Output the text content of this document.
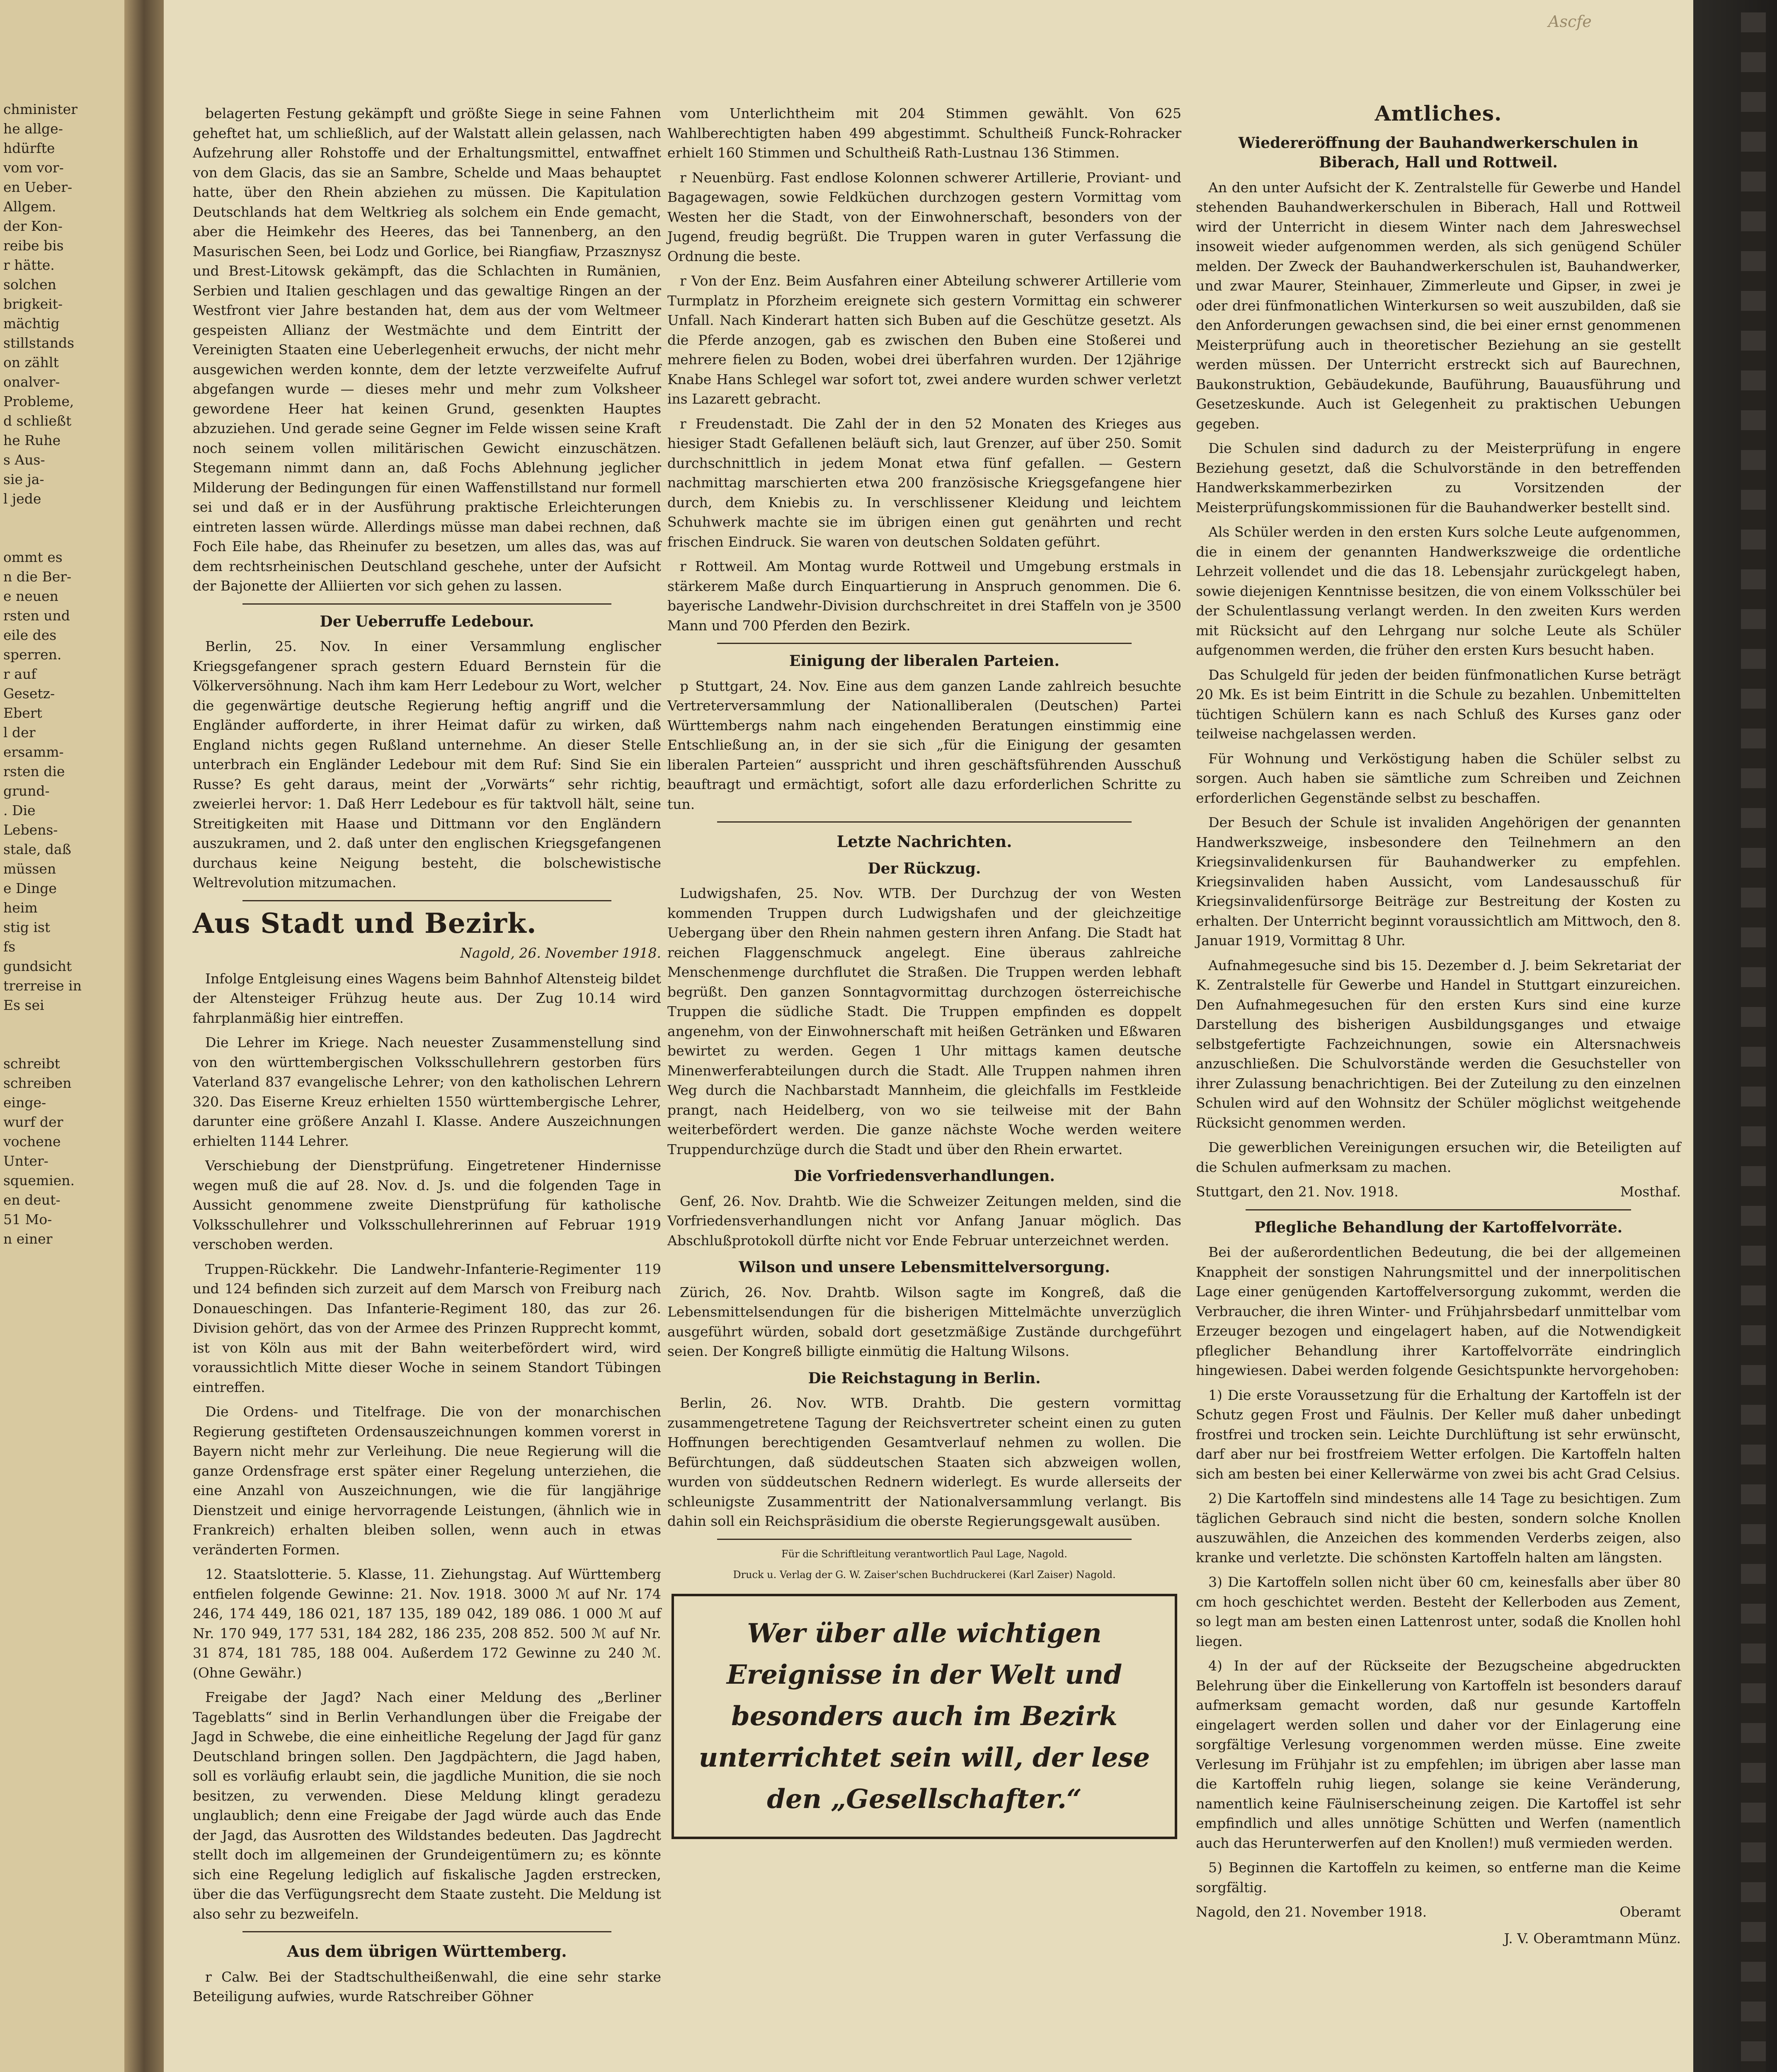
chminister
he allge-
hdürfte
vom vor-
en Ueber-
Allgem.
der Kon-
reibe bis
r hätte.
solchen
brigkeit-
mächtig
stillstands
on zählt
onalver-
Probleme,
d schließt
he Ruhe
s Aus-
sie ja-
l jede

ommt es
n die Ber-
e neuen
rsten und
eile des
sperren.
r auf
Gesetz-
Ebert
l der
ersamm-
rsten die
grund-
. Die
Lebens-
stale, daß
müssen
e Dinge
heim
stig ist
fs
gundsicht
trerreise in
Es sei

schreibt
schreiben
einge-
wurf der
vochene
Unter-
squemien.
en deut-
51 Mo-
n einer
Ascfe

belagerten Festung gekämpft und größte Siege in seine Fahnen geheftet hat, um schließlich, auf der Walstatt allein gelassen, nach Aufzehrung aller Rohstoffe und der Erhaltungsmittel, entwaffnet von dem Glacis, das sie an Sambre, Schelde und Maas behauptet hatte, über den Rhein abziehen zu müssen. Die Kapitulation Deutschlands hat dem Weltkrieg als solchem ein Ende gemacht, aber die Heimkehr des Heeres, das bei Tannenberg, an den Masurischen Seen, bei Lodz und Gorlice, bei Riangfiaw, Przasznysz und Brest-Litowsk gekämpft, das die Schlachten in Rumänien, Serbien und Italien geschlagen und das gewaltige Ringen an der Westfront vier Jahre bestanden hat, dem aus der vom Weltmeer gespeisten Allianz der Westmächte und dem Eintritt der Vereinigten Staaten eine Ueberlegenheit erwuchs, der nicht mehr ausgewichen werden konnte, dem der letzte verzweifelte Aufruf abgefangen wurde — dieses mehr und mehr zum Volksheer gewordene Heer hat keinen Grund, gesenkten Hauptes abzuziehen. Und gerade seine Gegner im Felde wissen seine Kraft noch seinem vollen militärischen Gewicht einzuschätzen. Stegemann nimmt dann an, daß Fochs Ablehnung jeglicher Milderung der Bedingungen für einen Waffenstillstand nur formell sei und daß er in der Ausführung praktische Erleichterungen eintreten lassen würde. Allerdings müsse man dabei rechnen, daß Foch Eile habe, das Rheinufer zu besetzen, um alles das, was auf dem rechtsrheinischen Deutschland geschehe, unter der Aufsicht der Bajonette der Alliierten vor sich gehen zu lassen.

Der Ueberruffe Ledebour.

Berlin, 25. Nov. In einer Versammlung englischer Kriegsgefangener sprach gestern Eduard Bernstein für die Völkerversöhnung. Nach ihm kam Herr Ledebour zu Wort, welcher die gegenwärtige deutsche Regierung heftig angriff und die Engländer aufforderte, in ihrer Heimat dafür zu wirken, daß England nichts gegen Rußland unternehme. An dieser Stelle unterbrach ein Engländer Ledebour mit dem Ruf: Sind Sie ein Russe? Es geht daraus, meint der „Vorwärts“ sehr richtig, zweierlei hervor: 1. Daß Herr Ledebour es für taktvoll hält, seine Streitigkeiten mit Haase und Dittmann vor den Engländern auszukramen, und 2. daß unter den englischen Kriegsgefangenen durchaus keine Neigung besteht, die bolschewistische Weltrevolution mitzumachen.

Aus Stadt und Bezirk.
Nagold, 26. November 1918.

Infolge Entgleisung eines Wagens beim Bahnhof Altensteig bildet der Altensteiger Frühzug heute aus. Der Zug 10.14 wird fahrplanmäßig hier eintreffen.

Die Lehrer im Kriege. Nach neuester Zusammenstellung sind von den württembergischen Volksschullehrern gestorben fürs Vaterland 837 evangelische Lehrer; von den katholischen Lehrern 320. Das Eiserne Kreuz erhielten 1550 württembergische Lehrer, darunter eine größere Anzahl I. Klasse. Andere Auszeichnungen erhielten 1144 Lehrer.

Verschiebung der Dienstprüfung. Eingetretener Hindernisse wegen muß die auf 28. Nov. d. Js. und die folgenden Tage in Aussicht genommene zweite Dienstprüfung für katholische Volksschullehrer und Volksschullehrerinnen auf Februar 1919 verschoben werden.

Truppen-Rückkehr. Die Landwehr-Infanterie-Regimenter 119 und 124 befinden sich zurzeit auf dem Marsch von Freiburg nach Donaueschingen. Das Infanterie-Regiment 180, das zur 26. Division gehört, das von der Armee des Prinzen Rupprecht kommt, ist von Köln aus mit der Bahn weiterbefördert wird, wird voraussichtlich Mitte dieser Woche in seinem Standort Tübingen eintreffen.

Die Ordens- und Titelfrage. Die von der monarchischen Regierung gestifteten Ordensauszeichnungen kommen vorerst in Bayern nicht mehr zur Verleihung. Die neue Regierung will die ganze Ordensfrage erst später einer Regelung unterziehen, die eine Anzahl von Auszeichnungen, wie die für langjährige Dienstzeit und einige hervorragende Leistungen, (ähnlich wie in Frankreich) erhalten bleiben sollen, wenn auch in etwas veränderten Formen.

12. Staatslotterie. 5. Klasse, 11. Ziehungstag. Auf Württemberg entfielen folgende Gewinne: 21. Nov. 1918. 3000 ℳ auf Nr. 174 246, 174 449, 186 021, 187 135, 189 042, 189 086. 1 000 ℳ auf Nr. 170 949, 177 531, 184 282, 186 235, 208 852. 500 ℳ auf Nr. 31 874, 181 785, 188 004. Außerdem 172 Gewinne zu 240 ℳ. (Ohne Gewähr.)

Freigabe der Jagd? Nach einer Meldung des „Berliner Tageblatts“ sind in Berlin Verhandlungen über die Freigabe der Jagd in Schwebe, die eine einheitliche Regelung der Jagd für ganz Deutschland bringen sollen. Den Jagdpächtern, die Jagd haben, soll es vorläufig erlaubt sein, die jagdliche Munition, die sie noch besitzen, zu verwenden. Diese Meldung klingt geradezu unglaublich; denn eine Freigabe der Jagd würde auch das Ende der Jagd, das Ausrotten des Wildstandes bedeuten. Das Jagdrecht stellt doch im allgemeinen der Grundeigentümern zu; es könnte sich eine Regelung lediglich auf fiskalische Jagden erstrecken, über die das Verfügungsrecht dem Staate zusteht. Die Meldung ist also sehr zu bezweifeln.

Aus dem übrigen Württemberg.

r Calw. Bei der Stadtschultheißenwahl, die eine sehr starke Beteiligung aufwies, wurde Ratschreiber Göhner

vom Unterlichtheim mit 204 Stimmen gewählt. Von 625 Wahlberechtigten haben 499 abgestimmt. Schultheiß Funck-Rohracker erhielt 160 Stimmen und Schultheiß Rath-Lustnau 136 Stimmen.

r Neuenbürg. Fast endlose Kolonnen schwerer Artillerie, Proviant- und Bagagewagen, sowie Feldküchen durchzogen gestern Vormittag vom Westen her die Stadt, von der Einwohnerschaft, besonders von der Jugend, freudig begrüßt. Die Truppen waren in guter Verfassung die Ordnung die beste.

r Von der Enz. Beim Ausfahren einer Abteilung schwerer Artillerie vom Turmplatz in Pforzheim ereignete sich gestern Vormittag ein schwerer Unfall. Nach Kinderart hatten sich Buben auf die Geschütze gesetzt. Als die Pferde anzogen, gab es zwischen den Buben eine Stoßerei und mehrere fielen zu Boden, wobei drei überfahren wurden. Der 12jährige Knabe Hans Schlegel war sofort tot, zwei andere wurden schwer verletzt ins Lazarett gebracht.

r Freudenstadt. Die Zahl der in den 52 Monaten des Krieges aus hiesiger Stadt Gefallenen beläuft sich, laut Grenzer, auf über 250. Somit durchschnittlich in jedem Monat etwa fünf gefallen. — Gestern nachmittag marschierten etwa 200 französische Kriegsgefangene hier durch, dem Kniebis zu. In verschlissener Kleidung und leichtem Schuhwerk machte sie im übrigen einen gut genährten und recht frischen Eindruck. Sie waren von deutschen Soldaten geführt.

r Rottweil. Am Montag wurde Rottweil und Umgebung erstmals in stärkerem Maße durch Einquartierung in Anspruch genommen. Die 6. bayerische Landwehr-Division durchschreitet in drei Staffeln von je 3500 Mann und 700 Pferden den Bezirk.

Einigung der liberalen Parteien.

p Stuttgart, 24. Nov. Eine aus dem ganzen Lande zahlreich besuchte Vertreterversammlung der Nationalliberalen (Deutschen) Partei Württembergs nahm nach eingehenden Beratungen einstimmig eine Entschließung an, in der sie sich „für die Einigung der gesamten liberalen Parteien“ ausspricht und ihren geschäftsführenden Ausschuß beauftragt und ermächtigt, sofort alle dazu erforderlichen Schritte zu tun.

Letzte Nachrichten.
Der Rückzug.

Ludwigshafen, 25. Nov. WTB. Der Durchzug der von Westen kommenden Truppen durch Ludwigshafen und der gleichzeitige Uebergang über den Rhein nahmen gestern ihren Anfang. Die Stadt hat reichen Flaggenschmuck angelegt. Eine überaus zahlreiche Menschenmenge durchflutet die Straßen. Die Truppen werden lebhaft begrüßt. Den ganzen Sonntagvormittag durchzogen österreichische Truppen die südliche Stadt. Die Truppen empfinden es doppelt angenehm, von der Einwohnerschaft mit heißen Getränken und Eßwaren bewirtet zu werden. Gegen 1 Uhr mittags kamen deutsche Minenwerferabteilungen durch die Stadt. Alle Truppen nahmen ihren Weg durch die Nachbarstadt Mannheim, die gleichfalls im Festkleide prangt, nach Heidelberg, von wo sie teilweise mit der Bahn weiterbefördert werden. Die ganze nächste Woche werden weitere Truppendurchzüge durch die Stadt und über den Rhein erwartet.

Die Vorfriedensverhandlungen.

Genf, 26. Nov. Drahtb. Wie die Schweizer Zeitungen melden, sind die Vorfriedensverhandlungen nicht vor Anfang Januar möglich. Das Abschlußprotokoll dürfte nicht vor Ende Februar unterzeichnet werden.

Wilson und unsere Lebensmittelversorgung.

Zürich, 26. Nov. Drahtb. Wilson sagte im Kongreß, daß die Lebensmittelsendungen für die bisherigen Mittelmächte unverzüglich ausgeführt würden, sobald dort gesetzmäßige Zustände durchgeführt seien. Der Kongreß billigte einmütig die Haltung Wilsons.

Die Reichstagung in Berlin.

Berlin, 26. Nov. WTB. Drahtb. Die gestern vormittag zusammengetretene Tagung der Reichsvertreter scheint einen zu guten Hoffnungen berechtigenden Gesamtverlauf nehmen zu wollen. Die Befürchtungen, daß süddeutschen Staaten sich abzweigen wollen, wurden von süddeutschen Rednern widerlegt. Es wurde allerseits der schleunigste Zusammentritt der Nationalversammlung verlangt. Bis dahin soll ein Reichspräsidium die oberste Regierungsgewalt ausüben.

Für die Schriftleitung verantwortlich Paul Lage, Nagold.
Druck u. Verlag der G. W. Zaiser'schen Buchdruckerei (Karl Zaiser) Nagold.
Wer über alle wichtigen Ereignisse in der Welt und besonders auch im Bezirk unterrichtet sein will, der lese den „Gesellschafter.“
Amtliches.
Wiedereröffnung der Bauhandwerkerschulen in Biberach, Hall und Rottweil.

An den unter Aufsicht der K. Zentralstelle für Gewerbe und Handel stehenden Bauhandwerkerschulen in Biberach, Hall und Rottweil wird der Unterricht in diesem Winter nach dem Jahreswechsel insoweit wieder aufgenommen werden, als sich genügend Schüler melden. Der Zweck der Bauhandwerkerschulen ist, Bauhandwerker, und zwar Maurer, Steinhauer, Zimmerleute und Gipser, in zwei je oder drei fünfmonatlichen Winterkursen so weit auszubilden, daß sie den Anforderungen gewachsen sind, die bei einer ernst genommenen Meisterprüfung auch in theoretischer Beziehung an sie gestellt werden müssen. Der Unterricht erstreckt sich auf Baurechnen, Baukonstruktion, Gebäudekunde, Bauführung, Bauausführung und Gesetzeskunde. Auch ist Gelegenheit zu praktischen Uebungen gegeben.

Die Schulen sind dadurch zu der Meisterprüfung in engere Beziehung gesetzt, daß die Schulvorstände in den betreffenden Handwerkskammerbezirken zu Vorsitzenden der Meisterprüfungskommissionen für die Bauhandwerker bestellt sind.

Als Schüler werden in den ersten Kurs solche Leute aufgenommen, die in einem der genannten Handwerkszweige die ordentliche Lehrzeit vollendet und die das 18. Lebensjahr zurückgelegt haben, sowie diejenigen Kenntnisse besitzen, die von einem Volksschüler bei der Schulentlassung verlangt werden. In den zweiten Kurs werden mit Rücksicht auf den Lehrgang nur solche Leute als Schüler aufgenommen werden, die früher den ersten Kurs besucht haben.

Das Schulgeld für jeden der beiden fünfmonatlichen Kurse beträgt 20 Mk. Es ist beim Eintritt in die Schule zu bezahlen. Unbemittelten tüchtigen Schülern kann es nach Schluß des Kurses ganz oder teilweise nachgelassen werden.

Für Wohnung und Verköstigung haben die Schüler selbst zu sorgen. Auch haben sie sämtliche zum Schreiben und Zeichnen erforderlichen Gegenstände selbst zu beschaffen.

Der Besuch der Schule ist invaliden Angehörigen der genannten Handwerkszweige, insbesondere den Teilnehmern an den Kriegsinvalidenkursen für Bauhandwerker zu empfehlen. Kriegsinvaliden haben Aussicht, vom Landesausschuß für Kriegsinvalidenfürsorge Beiträge zur Bestreitung der Kosten zu erhalten. Der Unterricht beginnt voraussichtlich am Mittwoch, den 8. Januar 1919, Vormittag 8 Uhr.

Aufnahmegesuche sind bis 15. Dezember d. J. beim Sekretariat der K. Zentralstelle für Gewerbe und Handel in Stuttgart einzureichen. Den Aufnahmegesuchen für den ersten Kurs sind eine kurze Darstellung des bisherigen Ausbildungsganges und etwaige selbstgefertigte Fachzeichnungen, sowie ein Altersnachweis anzuschließen. Die Schulvorstände werden die Gesuchsteller von ihrer Zulassung benachrichtigen. Bei der Zuteilung zu den einzelnen Schulen wird auf den Wohnsitz der Schüler möglichst weitgehende Rücksicht genommen werden.

Die gewerblichen Vereinigungen ersuchen wir, die Beteiligten auf die Schulen aufmerksam zu machen.

Stuttgart, den 21. Nov. 1918.	Mosthaf.
Pflegliche Behandlung der Kartoffelvorräte.

Bei der außerordentlichen Bedeutung, die bei der allgemeinen Knappheit der sonstigen Nahrungsmittel und der innerpolitischen Lage einer genügenden Kartoffelversorgung zukommt, werden die Verbraucher, die ihren Winter- und Frühjahrsbedarf unmittelbar vom Erzeuger bezogen und eingelagert haben, auf die Notwendigkeit pfleglicher Behandlung ihrer Kartoffelvorräte eindringlich hingewiesen. Dabei werden folgende Gesichtspunkte hervorgehoben:

1) Die erste Voraussetzung für die Erhaltung der Kartoffeln ist der Schutz gegen Frost und Fäulnis. Der Keller muß daher unbedingt frostfrei und trocken sein. Leichte Durchlüftung ist sehr erwünscht, darf aber nur bei frostfreiem Wetter erfolgen. Die Kartoffeln halten sich am besten bei einer Kellerwärme von zwei bis acht Grad Celsius.

2) Die Kartoffeln sind mindestens alle 14 Tage zu besichtigen. Zum täglichen Gebrauch sind nicht die besten, sondern solche Knollen auszuwählen, die Anzeichen des kommenden Verderbs zeigen, also kranke und verletzte. Die schönsten Kartoffeln halten am längsten.

3) Die Kartoffeln sollen nicht über 60 cm, keinesfalls aber über 80 cm hoch geschichtet werden. Besteht der Kellerboden aus Zement, so legt man am besten einen Lattenrost unter, sodaß die Knollen hohl liegen.

4) In der auf der Rückseite der Bezugscheine abgedruckten Belehrung über die Einkellerung von Kartoffeln ist besonders darauf aufmerksam gemacht worden, daß nur gesunde Kartoffeln eingelagert werden sollen und daher vor der Einlagerung eine sorgfältige Verlesung vorgenommen werden müsse. Eine zweite Verlesung im Frühjahr ist zu empfehlen; im übrigen aber lasse man die Kartoffeln ruhig liegen, solange sie keine Veränderung, namentlich keine Fäulniserscheinung zeigen. Die Kartoffel ist sehr empfindlich und alles unnötige Schütten und Werfen (namentlich auch das Herunterwerfen auf den Knollen!) muß vermieden werden.

5) Beginnen die Kartoffeln zu keimen, so entferne man die Keime sorgfältig.

Nagold, den 21. November 1918.	Oberamt
J. V. Oberamtmann Münz.
